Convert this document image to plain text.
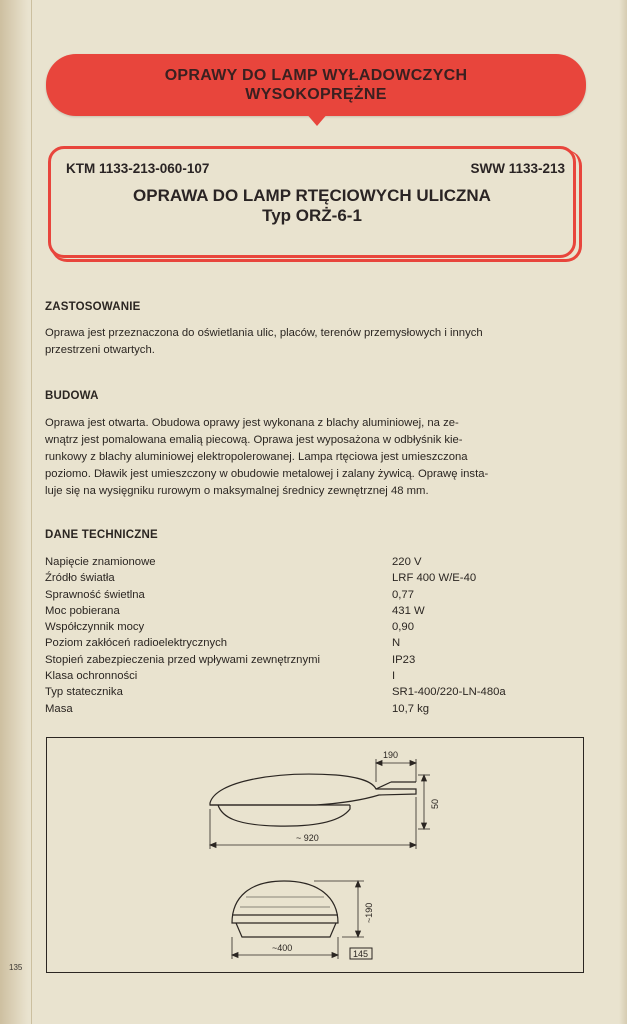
OPRAWY DO LAMP WYŁADOWCZYCH
WYSOKOPRĘŻNE
KTM 1133-213-060-107	SWW 1133-213
OPRAWA DO LAMP RTĘCIOWYCH ULICZNA
Typ ORŻ-6-1
ZASTOSOWANIE
Oprawa jest przeznaczona do oświetlania ulic, placów, terenów przemysłowych i innych
przestrzeni otwartych.
BUDOWA
Oprawa jest otwarta. Obudowa oprawy jest wykonana z blachy aluminiowej, na ze-
wnątrz jest pomalowana emalią piecową. Oprawa jest wyposażona w odbłyśnik kie-
runkowy z blachy aluminiowej elektropolerowanej. Lampa rtęciowa jest umieszczona
poziomo. Dławik jest umieszczony w obudowie metalowej i zalany żywicą. Oprawę insta-
luje się na wysięgniku rurowym o maksymalnej średnicy zewnętrznej 48 mm.
DANE TECHNICZNE
Napięcie znamionowe	220 V
Źródło światła	LRF 400 W/E-40
Sprawność świetlna	0,77
Moc pobierana	431 W
Współczynnik mocy	0,90
Poziom zakłóceń radioelektrycznych	N
Stopień zabezpieczenia przed wpływami zewnętrznymi	IP23
Klasa ochronności	I
Typ statecznika	SR1-400/220-LN-480a
Masa	10,7 kg
190
50
~ 920
~190
~400
145
135
